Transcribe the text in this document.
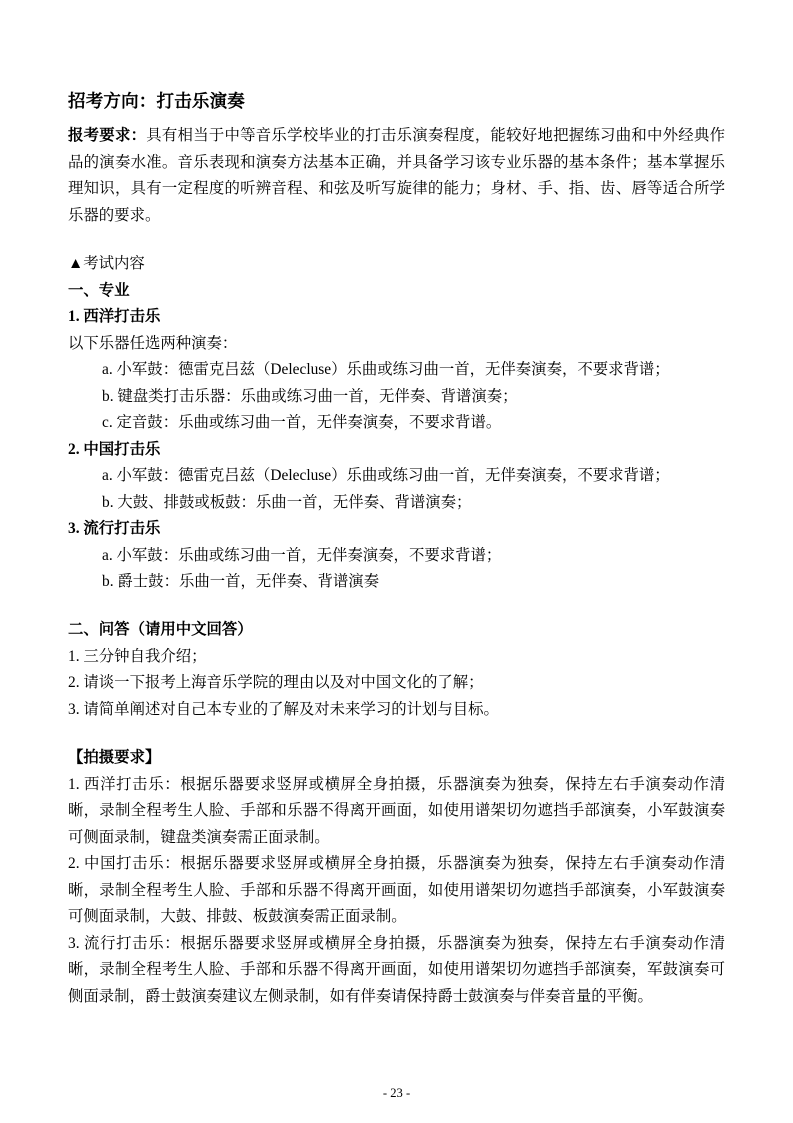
招考方向：打击乐演奏

报考要求：具有相当于中等音乐学校毕业的打击乐演奏程度，能较好地把握练习曲和中外经典作品的演奏水准。音乐表现和演奏方法基本正确，并具备学习该专业乐器的基本条件；基本掌握乐理知识，具有一定程度的听辨音程、和弦及听写旋律的能力；身材、手、指、齿、唇等适合所学乐器的要求。

▲考试内容
一、专业
1. 西洋打击乐
以下乐器任选两种演奏：
a. 小军鼓：德雷克吕兹（Delecluse）乐曲或练习曲一首，无伴奏演奏，不要求背谱；
b. 键盘类打击乐器：乐曲或练习曲一首，无伴奏、背谱演奏；
c. 定音鼓：乐曲或练习曲一首，无伴奏演奏，不要求背谱。
2. 中国打击乐
a. 小军鼓：德雷克吕兹（Delecluse）乐曲或练习曲一首，无伴奏演奏，不要求背谱；
b. 大鼓、排鼓或板鼓：乐曲一首，无伴奏、背谱演奏；
3. 流行打击乐
a. 小军鼓：乐曲或练习曲一首，无伴奏演奏，不要求背谱；
b. 爵士鼓：乐曲一首，无伴奏、背谱演奏
二、问答（请用中文回答）
1. 三分钟自我介绍；
2. 请谈一下报考上海音乐学院的理由以及对中国文化的了解；
3. 请简单阐述对自己本专业的了解及对未来学习的计划与目标。
【拍摄要求】
1. 西洋打击乐：根据乐器要求竖屏或横屏全身拍摄，乐器演奏为独奏，保持左右手演奏动作清晰，录制全程考生人脸、手部和乐器不得离开画面，如使用谱架切勿遮挡手部演奏，小军鼓演奏可侧面录制，键盘类演奏需正面录制。
2. 中国打击乐：根据乐器要求竖屏或横屏全身拍摄，乐器演奏为独奏，保持左右手演奏动作清晰，录制全程考生人脸、手部和乐器不得离开画面，如使用谱架切勿遮挡手部演奏，小军鼓演奏可侧面录制，大鼓、排鼓、板鼓演奏需正面录制。
3. 流行打击乐：根据乐器要求竖屏或横屏全身拍摄，乐器演奏为独奏，保持左右手演奏动作清晰，录制全程考生人脸、手部和乐器不得离开画面，如使用谱架切勿遮挡手部演奏，军鼓演奏可侧面录制，爵士鼓演奏建议左侧录制，如有伴奏请保持爵士鼓演奏与伴奏音量的平衡。
- 23 -
